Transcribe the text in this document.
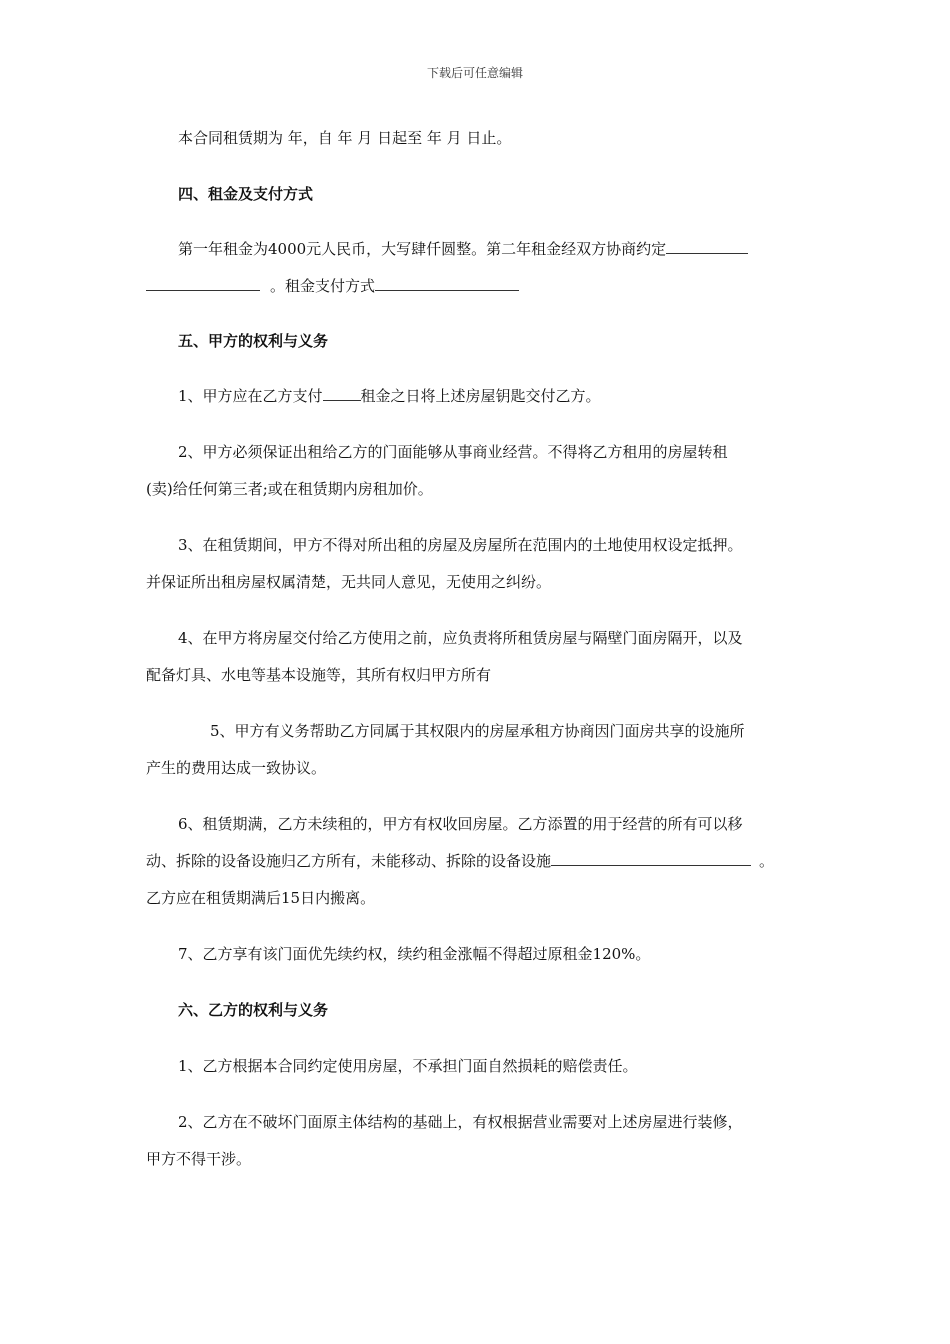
下载后可任意编辑
本合同租赁期为 年，自 年 月 日起至 年 月 日止。
四、租金及支付方式
第一年租金为4000元人民币，大写肆仟圆整。第二年租金经双方协商约定
。租金支付方式
五、甲方的权利与义务
1、甲方应在乙方支付	租金之日将上述房屋钥匙交付乙方。
2、甲方必须保证出租给乙方的门面能够从事商业经营。不得将乙方租用的房屋转租
(卖)给任何第三者;或在租赁期内房租加价。
3、在租赁期间，甲方不得对所出租的房屋及房屋所在范围内的土地使用权设定抵押。
并保证所出租房屋权属清楚，无共同人意见，无使用之纠纷。
4、在甲方将房屋交付给乙方使用之前，应负责将所租赁房屋与隔壁门面房隔开，以及
配备灯具、水电等基本设施等，其所有权归甲方所有
5、甲方有义务帮助乙方同属于其权限内的房屋承租方协商因门面房共享的设施所
产生的费用达成一致协议。
6、租赁期满，乙方未续租的，甲方有权收回房屋。乙方添置的用于经营的所有可以移
动、拆除的设备设施归乙方所有，未能移动、拆除的设备设施	。
乙方应在租赁期满后15日内搬离。
7、乙方享有该门面优先续约权，续约租金涨幅不得超过原租金120%。
六、乙方的权利与义务
1、乙方根据本合同约定使用房屋，不承担门面自然损耗的赔偿责任。
2、乙方在不破坏门面原主体结构的基础上，有权根据营业需要对上述房屋进行装修，
甲方不得干涉。
